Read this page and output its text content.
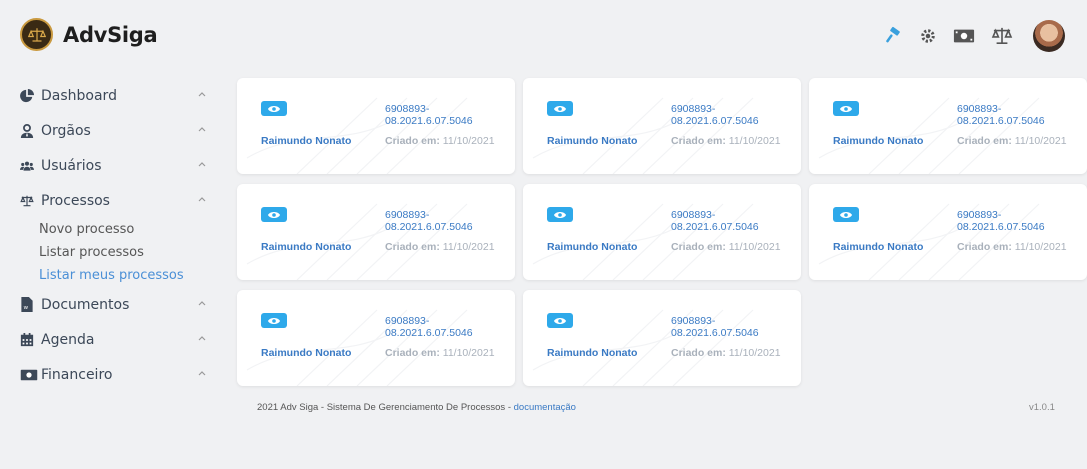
AdvSiga
Dashboard
Orgãos
Usuários
Processos
Novo processo
Listar processos
Listar meus processos
w Documentos
Agenda
Financeiro
6908893-08.2021.6.07.5046
Raimundo Nonato	Criado em: 11/10/2021
6908893-08.2021.6.07.5046
Raimundo Nonato	Criado em: 11/10/2021
6908893-08.2021.6.07.5046
Raimundo Nonato	Criado em: 11/10/2021
6908893-08.2021.6.07.5046
Raimundo Nonato	Criado em: 11/10/2021
6908893-08.2021.6.07.5046
Raimundo Nonato	Criado em: 11/10/2021
6908893-08.2021.6.07.5046
Raimundo Nonato	Criado em: 11/10/2021
6908893-08.2021.6.07.5046
Raimundo Nonato	Criado em: 11/10/2021
6908893-08.2021.6.07.5046
Raimundo Nonato	Criado em: 11/10/2021
2021 Adv Siga - Sistema De Gerenciamento De Processos - documentação	v1.0.1
